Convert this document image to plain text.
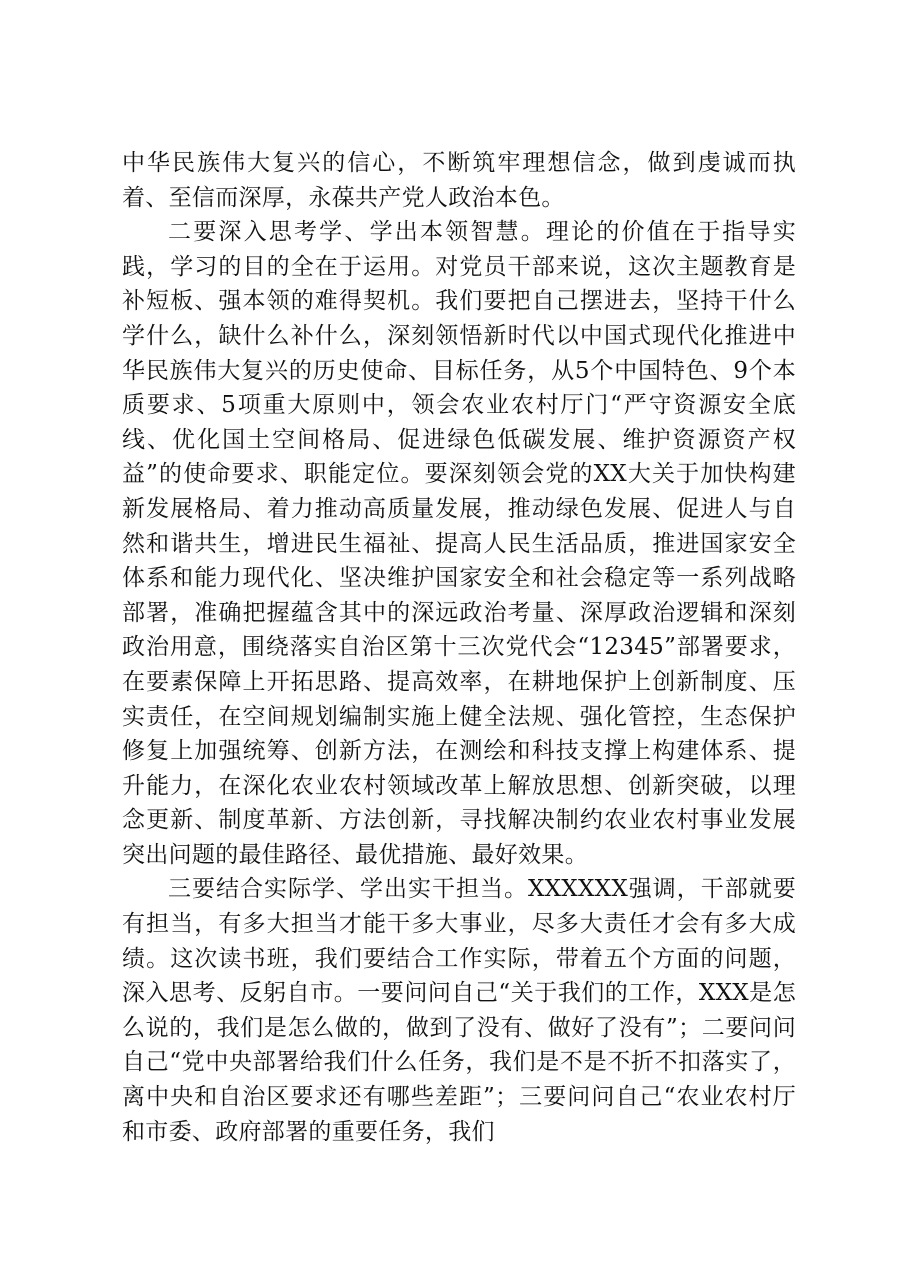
中华民族伟大复兴的信心，不断筑牢理想信念，做到虔诚而执着、至信而深厚，永葆共产党人政治本色。

二要深入思考学、学出本领智慧。理论的价值在于指导实践，学习的目的全在于运用。对党员干部来说，这次主题教育是补短板、强本领的难得契机。我们要把自己摆进去，坚持干什么学什么，缺什么补什么，深刻领悟新时代以中国式现代化推进中华民族伟大复兴的历史使命、目标任务，从5个中国特色、9个本质要求、5项重大原则中，领会农业农村厅门“严守资源安全底线、优化国土空间格局、促进绿色低碳发展、维护资源资产权益”的使命要求、职能定位。要深刻领会党的XX大关于加快构建新发展格局、着力推动高质量发展，推动绿色发展、促进人与自然和谐共生，增进民生福祉、提高人民生活品质，推进国家安全体系和能力现代化、坚决维护国家安全和社会稳定等一系列战略部署，准确把握蕴含其中的深远政治考量、深厚政治逻辑和深刻政治用意，围绕落实自治区第十三次党代会“12345”部署要求，在要素保障上开拓思路、提高效率，在耕地保护上创新制度、压实责任，在空间规划编制实施上健全法规、强化管控，生态保护修复上加强统筹、创新方法，在测绘和科技支撑上构建体系、提升能力，在深化农业农村领域改革上解放思想、创新突破，以理念更新、制度革新、方法创新，寻找解决制约农业农村事业发展突出问题的最佳路径、最优措施、最好效果。

三要结合实际学、学出实干担当。XXXXXX强调，干部就要有担当，有多大担当才能干多大事业，尽多大责任才会有多大成绩。这次读书班，我们要结合工作实际，带着五个方面的问题，深入思考、反躬自市。一要问问自己“关于我们的工作，XXX是怎么说的，我们是怎么做的，做到了没有、做好了没有”；二要问问自己“党中央部署给我们什么任务，我们是不是不折不扣落实了，离中央和自治区要求还有哪些差距”；三要问问自己“农业农村厅和市委、政府部署的重要任务，我们
